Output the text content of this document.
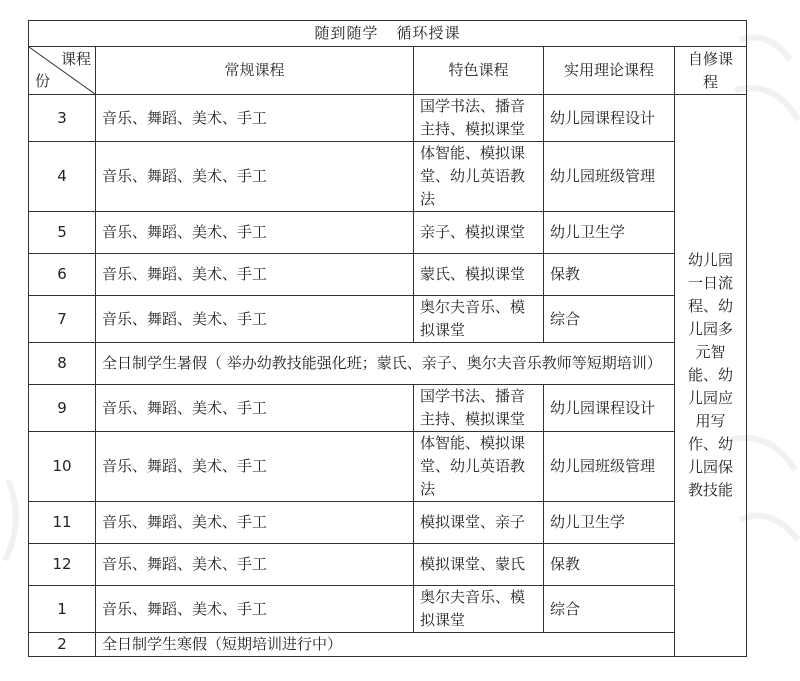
随到随学 循环授课				

课程
份	常规课程	特色课程	实用理论课程	自修课程
3	音乐、舞蹈、美术、手工	国学书法、播音主持、模拟课堂	幼儿园课程设计	幼儿园一日流程、幼儿园多元智能、幼儿园应用写作、幼儿园保教技能
4	音乐、舞蹈、美术、手工	体智能、模拟课堂、幼儿英语教法	幼儿园班级管理	
5	音乐、舞蹈、美术、手工	亲子、模拟课堂	幼儿卫生学	
6	音乐、舞蹈、美术、手工	蒙氏、模拟课堂	保教	
7	音乐、舞蹈、美术、手工	奥尔夫音乐、模拟课堂	综合	
8	全日制学生暑假（ 举办幼教技能强化班；蒙氏、亲子、奥尔夫音乐教师等短期培训）			
9	音乐、舞蹈、美术、手工	国学书法、播音主持、模拟课堂	幼儿园课程设计	
10	音乐、舞蹈、美术、手工	体智能、模拟课堂、幼儿英语教法	幼儿园班级管理	
11	音乐、舞蹈、美术、手工	模拟课堂、亲子	幼儿卫生学	
12	音乐、舞蹈、美术、手工	模拟课堂、蒙氏	保教	
1	音乐、舞蹈、美术、手工	奥尔夫音乐、模拟课堂	综合	
2	全日制学生寒假（短期培训进行中）			
